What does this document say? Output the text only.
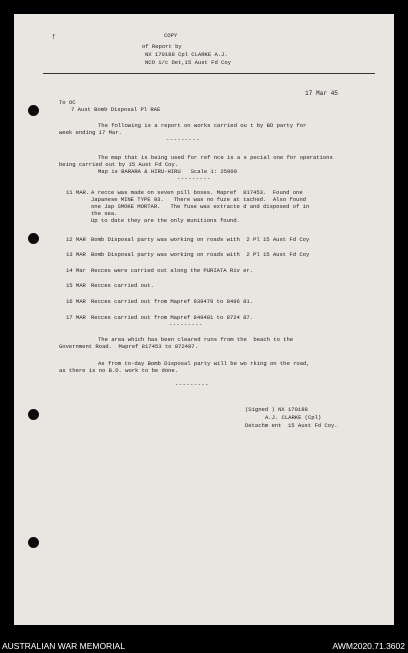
↑	COPY
of Report by
NX 170188 Cpl CLARKE A.J.
NCO i/c Det,15 Aust Fd Coy
17 Mar 45
To OC
7 Aust Bomb Disposal Pl RAE
The following is a report on works carried ou t by BD party for
week ending 17 Mar.
---------
The map that is being used for ref nce is a s pecial one for operations
being carried out by 15 Aust Fd Coy.
Map is BARARA & HIRU-HIRU   Scale 1: 25000
---------
11 MAR. A recce was made on seven pill boxes. Mapref  817453.  Found one
Japanese MINE TYPE 93.   There was no fuze at tached.  Also found
one Jap SMOKE MORTAR.   The fuse was extracte d and disposed of in
the sea.
Up to date they are the only munitions found.
12 MAR Bomb Disposal party was working on roads with  2 Pl 15 Aust Fd Coy
13 MAR Bomb Disposal party was working on roads with  2 Pl 15 Aust Fd Coy
14 Mar Recces were carried out along the PURIATA Riv er.
15 MAR Recces carried out.
16 MAR Recces carried out from Mapref 839479 to 8496 81.
17 MAR Recces carried out from Mapref 849481 to 8724 87.
---------
The area which has been cleared runs from the  beach to the
Government Road.  Mapref 817453 to 872487.
As from to-day Bomb Disposal party will be wo rking on the road,
as there is no B.D. work to be done.
---------
(Signed ) NX 170188
A.J. CLARKE (Cpl)
Detachm ent  15 Aust Fd Coy.
AUSTRALIAN WAR MEMORIAL	AWM2020.71.3602
